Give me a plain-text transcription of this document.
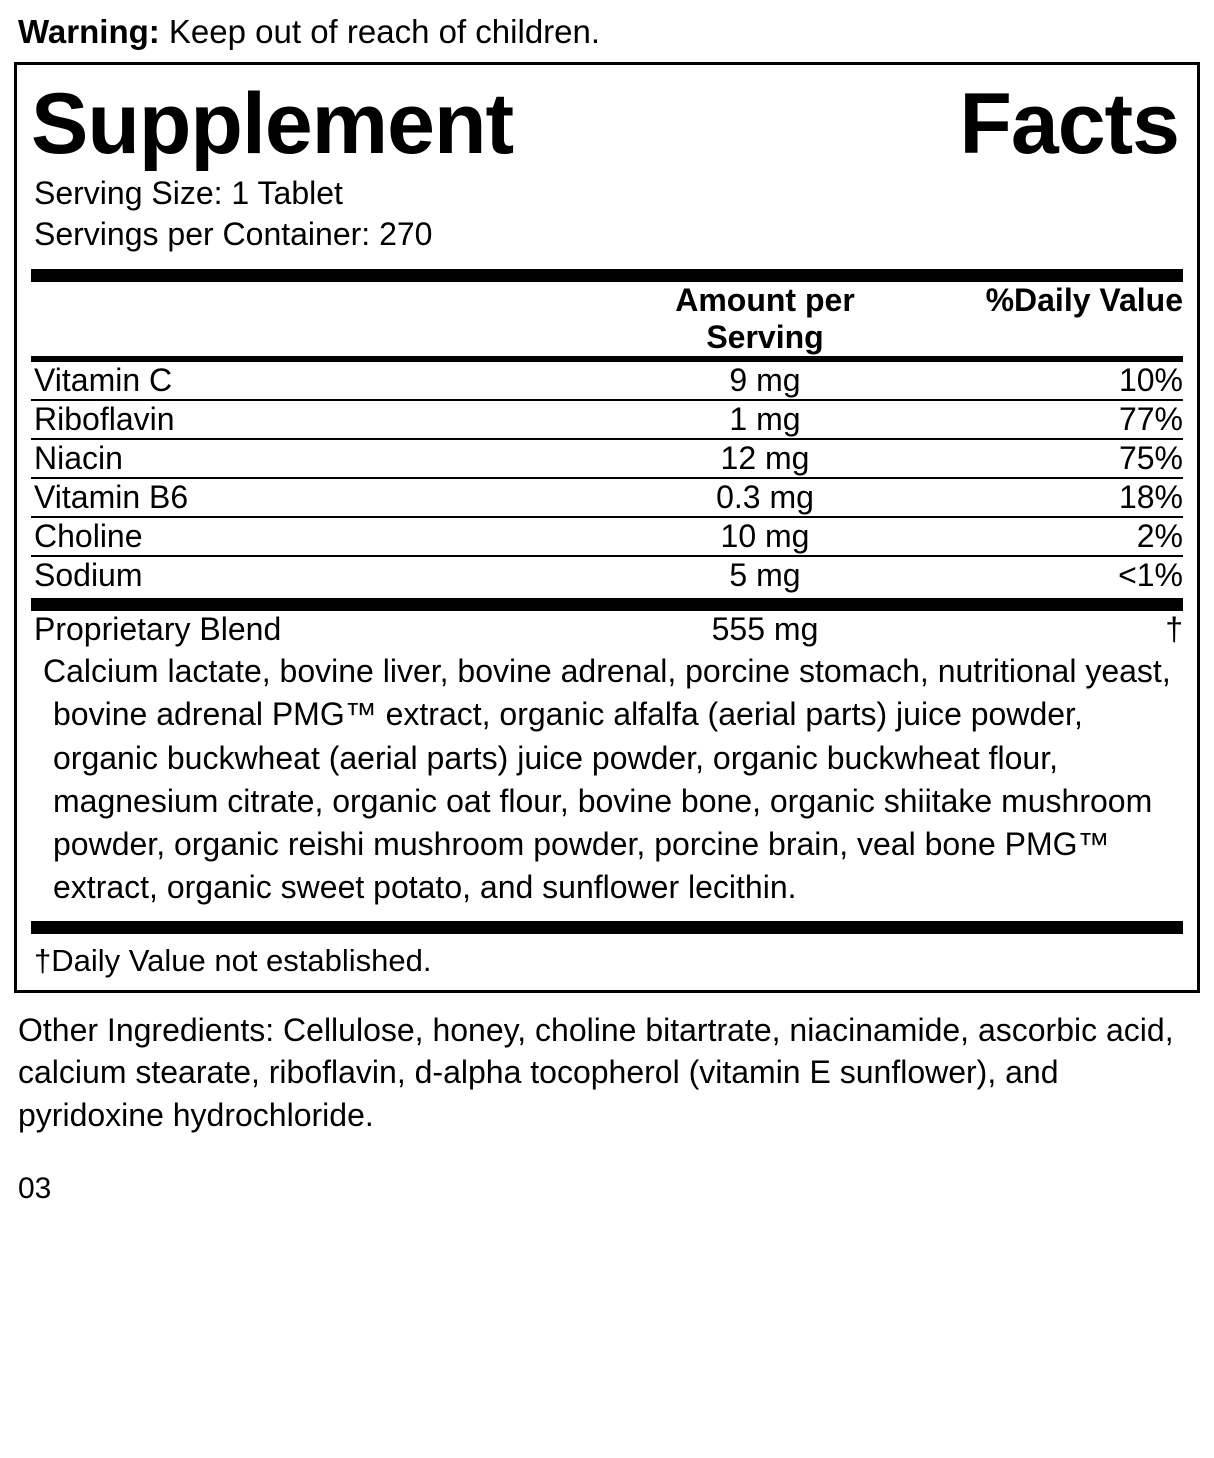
Warning: Keep out of reach of children.
Supplement	Facts
Serving Size: 1 Tablet
Servings per Container: 270
	Amount per Serving	%Daily Value
Vitamin C	9 mg	10%
Riboflavin	1 mg	77%
Niacin	12 mg	75%
Vitamin B6	0.3 mg	18%
Choline	10 mg	2%
Sodium	5 mg	<1%
Proprietary Blend	555 mg	†
Calcium lactate, bovine liver, bovine adrenal, porcine stomach, nutritional yeast, bovine adrenal PMG™ extract, organic alfalfa (aerial parts) juice powder, organic buckwheat (aerial parts) juice powder, organic buckwheat flour, magnesium citrate, organic oat flour, bovine bone, organic shiitake mushroom powder, organic reishi mushroom powder, porcine brain, veal bone PMG™ extract, organic sweet potato, and sunflower lecithin.
†Daily Value not established.
Other Ingredients: Cellulose, honey, choline bitartrate, niacinamide, ascorbic acid, calcium stearate, riboflavin, d-alpha tocopherol (vitamin E sunflower), and pyridoxine hydrochloride.
03
